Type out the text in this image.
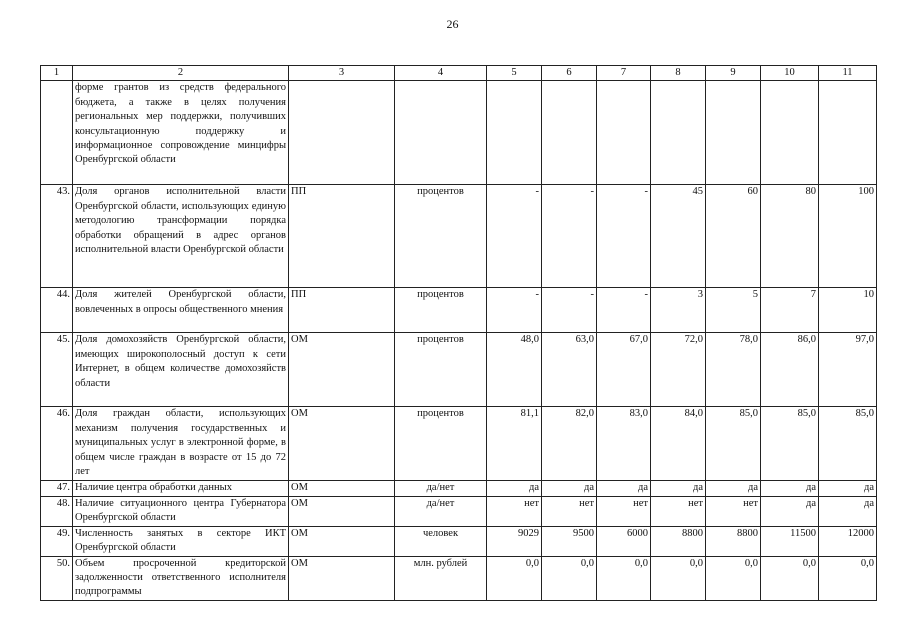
26
1	2	3	4	5	6	7	8	9	10	11

	форме грантов из средств федерального бюджета, а также в целях получения региональных мер поддержки, получивших консультационную поддержку и информационное сопровождение минцифры Оренбургской области									

43.	Доля органов исполнительной власти Оренбургской области, использующих единую методологию трансформации порядка обработки обращений в адрес органов исполнительной власти Оренбургской области	ПП	процентов	-	-	-	45	60	80	100
44.	Доля жителей Оренбургской области, вовлеченных в опросы общественного мнения	ПП	процентов	-	-	-	3	5	7	10
45.	Доля домохозяйств Оренбургской области, имеющих широкополосный доступ к сети Интернет, в общем количестве домохозяйств области	ОМ	процентов	48,0	63,0	67,0	72,0	78,0	86,0	97,0
46.	Доля граждан области, использующих механизм получения государственных и муниципальных услуг в электронной форме, в общем числе граждан в возрасте от 15 до 72 лет	ОМ	процентов	81,1	82,0	83,0	84,0	85,0	85,0	85,0
47.	Наличие центра обработки данных	ОМ	да/нет	да	да	да	да	да	да	да
48.	Наличие ситуационного центра Губернатора Оренбургской области	ОМ	да/нет	нет	нет	нет	нет	нет	да	да
49.	Численность занятых в секторе ИКТ Оренбургской области	ОМ	человек	9029	9500	6000	8800	8800	11500	12000
50.	Объем просроченной кредиторской задолженности ответственного исполнителя подпрограммы	ОМ	млн. рублей	0,0	0,0	0,0	0,0	0,0	0,0	0,0
